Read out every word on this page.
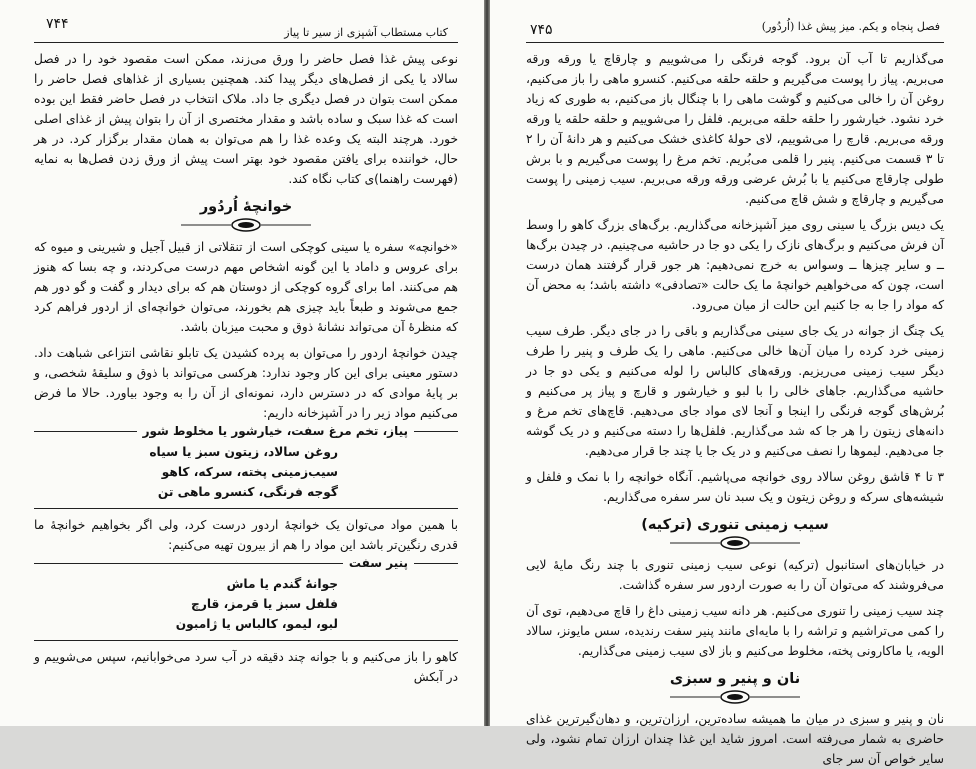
کتاب مستطاب آشپزی از سیر تا پیاز
۷۴۴

نوعی پیش غذا فصل حاضر را ورق می‌زند، ممکن است مقصود خود را در فصل سالاد یا یکی از فصل‌های دیگر پیدا کند. همچنین بسیاری از غذاهای فصل حاضر را ممکن است بتوان در فصل دیگری جا داد. ملاک انتخاب در فصل حاضر فقط این بوده است که غذا سبک و ساده باشد و مقدار مختصری از آن را بتوان پیش از غذای اصلی خورد. هرچند البته یک وعده غذا را هم می‌توان به همان مقدار برگزار کرد. در هر حال، خواننده برای یافتن مقصود خود بهتر است پیش از ورق زدن فصل‌ها به نمایه (فهرست راهنما)ی کتاب نگاه کند.

خوانچهٔ اُردُور

«خوانچه» سفره یا سینی کوچکی است از تنقلاتی از قبیل آجیل و شیرینی و میوه که برای عروس و داماد یا این گونه اشخاص مهم درست می‌کردند، و چه بسا که هنوز هم می‌کنند. اما برای گروه کوچکی از دوستان هم که برای دیدار و گفت و گو دور هم جمع می‌شوند و طبعاً باید چیزی هم بخورند، می‌توان خوانچه‌ای از اردور فراهم کرد که منظرهٔ آن می‌تواند نشانهٔ ذوق و محبت میزبان باشد.

چیدن خوانچهٔ اردور را می‌توان به پرده کشیدن یک تابلو نقاشی انتزاعی شباهت داد. دستور معینی برای این کار وجود ندارد: هرکسی می‌تواند با ذوق و سلیقهٔ شخصی، و بر پایهٔ موادی که در دسترس دارد، نمونه‌ای از آن را به وجود بیاورد. حالا ما فرض می‌کنیم مواد زیر را در آشپزخانه داریم:

پیاز، تخم مرغ سفت، خیارشور یا مخلوط شور
روغن سالاد، زیتون سبز یا سیاه
سیب‌زمینی پخته، سرکه، کاهو
گوجه فرنگی، کنسرو ماهی تن

با همین مواد می‌توان یک خوانچهٔ اردور درست کرد، ولی اگر بخواهیم خوانچهٔ ما قدری رنگین‌تر باشد این مواد را هم از بیرون تهیه می‌کنیم:

پنیر سفت
جوانهٔ گندم یا ماش
فلفل سبز یا قرمز، قارچ
لبو، لیمو، کالباس یا ژامبون
کاهو را باز می‌کنیم و با جوانه چند دقیقه در آب سرد می‌خوابانیم، سپس می‌شوییم و در آبکش
فصل پنجاه و یکم. میز پیش غذا (اُردُور)
۷۴۵

می‌گذاریم تا آب آن برود. گوجه فرنگی را می‌شوییم و چارقاچ یا ورقه ورقه می‌بریم. پیاز را پوست می‌گیریم و حلقه حلقه می‌کنیم. کنسرو ماهی را باز می‌کنیم، روغن آن را خالی می‌کنیم و گوشت ماهی را با چنگال باز می‌کنیم، به طوری که زیاد خرد نشود. خیارشور را حلقه حلقه می‌بریم. فلفل را می‌شوییم و حلقه حلقه یا ورقه ورقه می‌بریم. قارچ را می‌شوییم، لای حولهٔ کاغذی خشک می‌کنیم و هر دانهٔ آن را ۲ تا ۳ قسمت می‌کنیم. پنیر را قلمی می‌بُریم. تخم مرغ را پوست می‌گیریم و با برش طولی چارقاچ می‌کنیم یا با بُرش عرضی ورقه ورقه می‌بریم. سیب زمینی را پوست می‌گیریم و چارقاچ و شش قاچ می‌کنیم.

یک دیس بزرگ یا سینی روی میز آشپزخانه می‌گذاریم. برگ‌های بزرگ کاهو را وسط آن فرش می‌کنیم و برگ‌های نازک را یکی دو جا در حاشیه می‌چینیم. در چیدن برگ‌ها ــ و سایر چیزها ــ وسواس به خرج نمی‌دهیم: هر جور قرار گرفتند همان درست است، چون که می‌خواهیم خوانچهٔ ما یک حالت «تصادفی» داشته باشد؛ به محض آن که مواد را جا به جا کنیم این حالت از میان می‌رود.

یک چنگ از جوانه در یک جای سینی می‌گذاریم و باقی را در جای دیگر. طرف سیب زمینی خرد کرده را میان آن‌ها خالی می‌کنیم. ماهی را یک طرف و پنیر را طرف دیگر سیب زمینی می‌ریزیم. ورقه‌های کالباس را لوله می‌کنیم و یکی دو جا در حاشیه می‌گذاریم. جاهای خالی را با لبو و خیارشور و قارچ و پیاز پر می‌کنیم و بُرش‌های گوجه فرنگی را اینجا و آنجا لای مواد جای می‌دهیم. قاچ‌های تخم مرغ و دانه‌های زیتون را هر جا که شد می‌گذاریم. فلفل‌ها را دسته می‌کنیم و در یک گوشه جا می‌دهیم. لیموها را نصف می‌کنیم و در یک جا یا چند جا قرار می‌دهیم.

۳ تا ۴ قاشق روغن سالاد روی خوانچه می‌پاشیم. آنگاه خوانچه را با نمک و فلفل و شیشه‌های سرکه و روغن زیتون و یک سبد نان سر سفره می‌گذاریم.

سیب زمینی تنوری (ترکیه)

در خیابان‌های استانبول (ترکیه) نوعی سیب زمینی تنوری با چند رنگ مایهٔ لایی می‌فروشند که می‌توان آن را به صورت اردور سر سفره گذاشت.

چند سیب زمینی را تنوری می‌کنیم. هر دانه سیب زمینی داغ را قاچ می‌دهیم، توی آن را کمی می‌تراشیم و تراشه را با مایه‌ای مانند پنیر سفت رندیده، سس مایونز، سالاد الویه، یا ماکارونی پخته، مخلوط می‌کنیم و باز لای سیب زمینی می‌گذاریم.

نان و پنیر و سبزی

نان و پنیر و سبزی در میان ما همیشه ساده‌ترین، ارزان‌ترین، و دهان‌گیرترین غذای حاضری به شمار می‌رفته است. امروز شاید این غذا چندان ارزان تمام نشود، ولی سایر خواص آن سر جای
